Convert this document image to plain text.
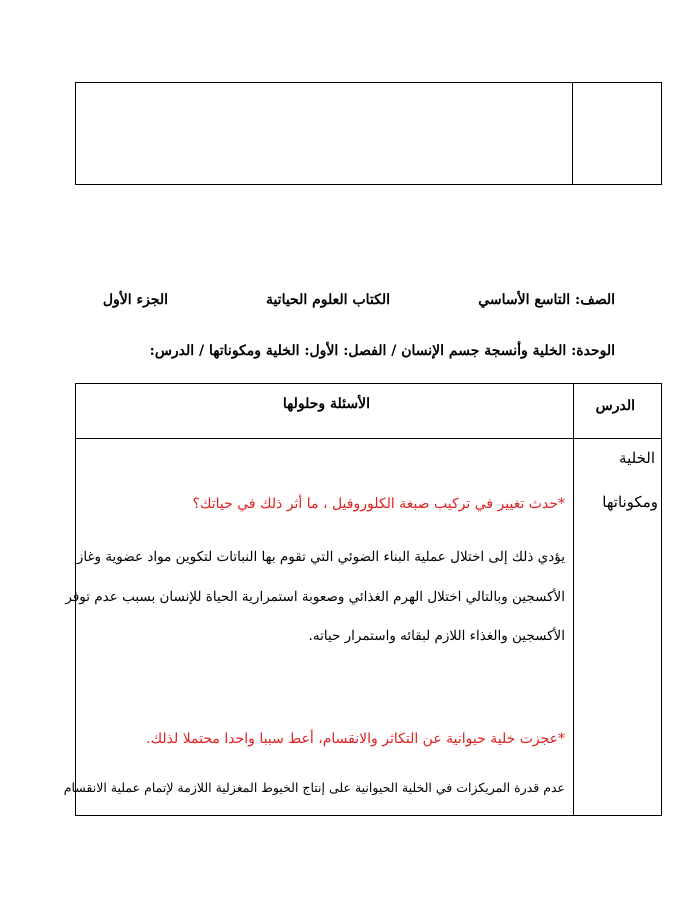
الصف: التاسع الأساسي
الكتاب العلوم الحياتية
الجزء الأول
الوحدة: الخلية وأنسجة جسم الإنسان / الفصل: الأول: الخلية ومكوناتها / الدرس:
الدرس
الأسئلة وحلولها
الخلية
ومكوناتها
*حدث تغيير في تركيب صبغة الكلوروفيل ، ما أثر ذلك في حياتك؟
يؤدي ذلك إلى اختلال عملية البناء الضوئي التي تقوم بها النباتات لتكوين مواد عضوية وغاز
الأكسجين وبالتالي اختلال الهرم الغذائي وصعوبة استمرارية الحياة للإنسان بسبب عدم توفر
الأكسجين والغذاء اللازم لبقائه واستمرار حياته.
*عجزت خلية حيوانية عن التكاثر والانقسام، أعط سببا واحدا محتملا لذلك.
عدم قدرة المريكزات في الخلية الحيوانية على إنتاج الخيوط المغزلية اللازمة لإتمام عملية الانقسام
